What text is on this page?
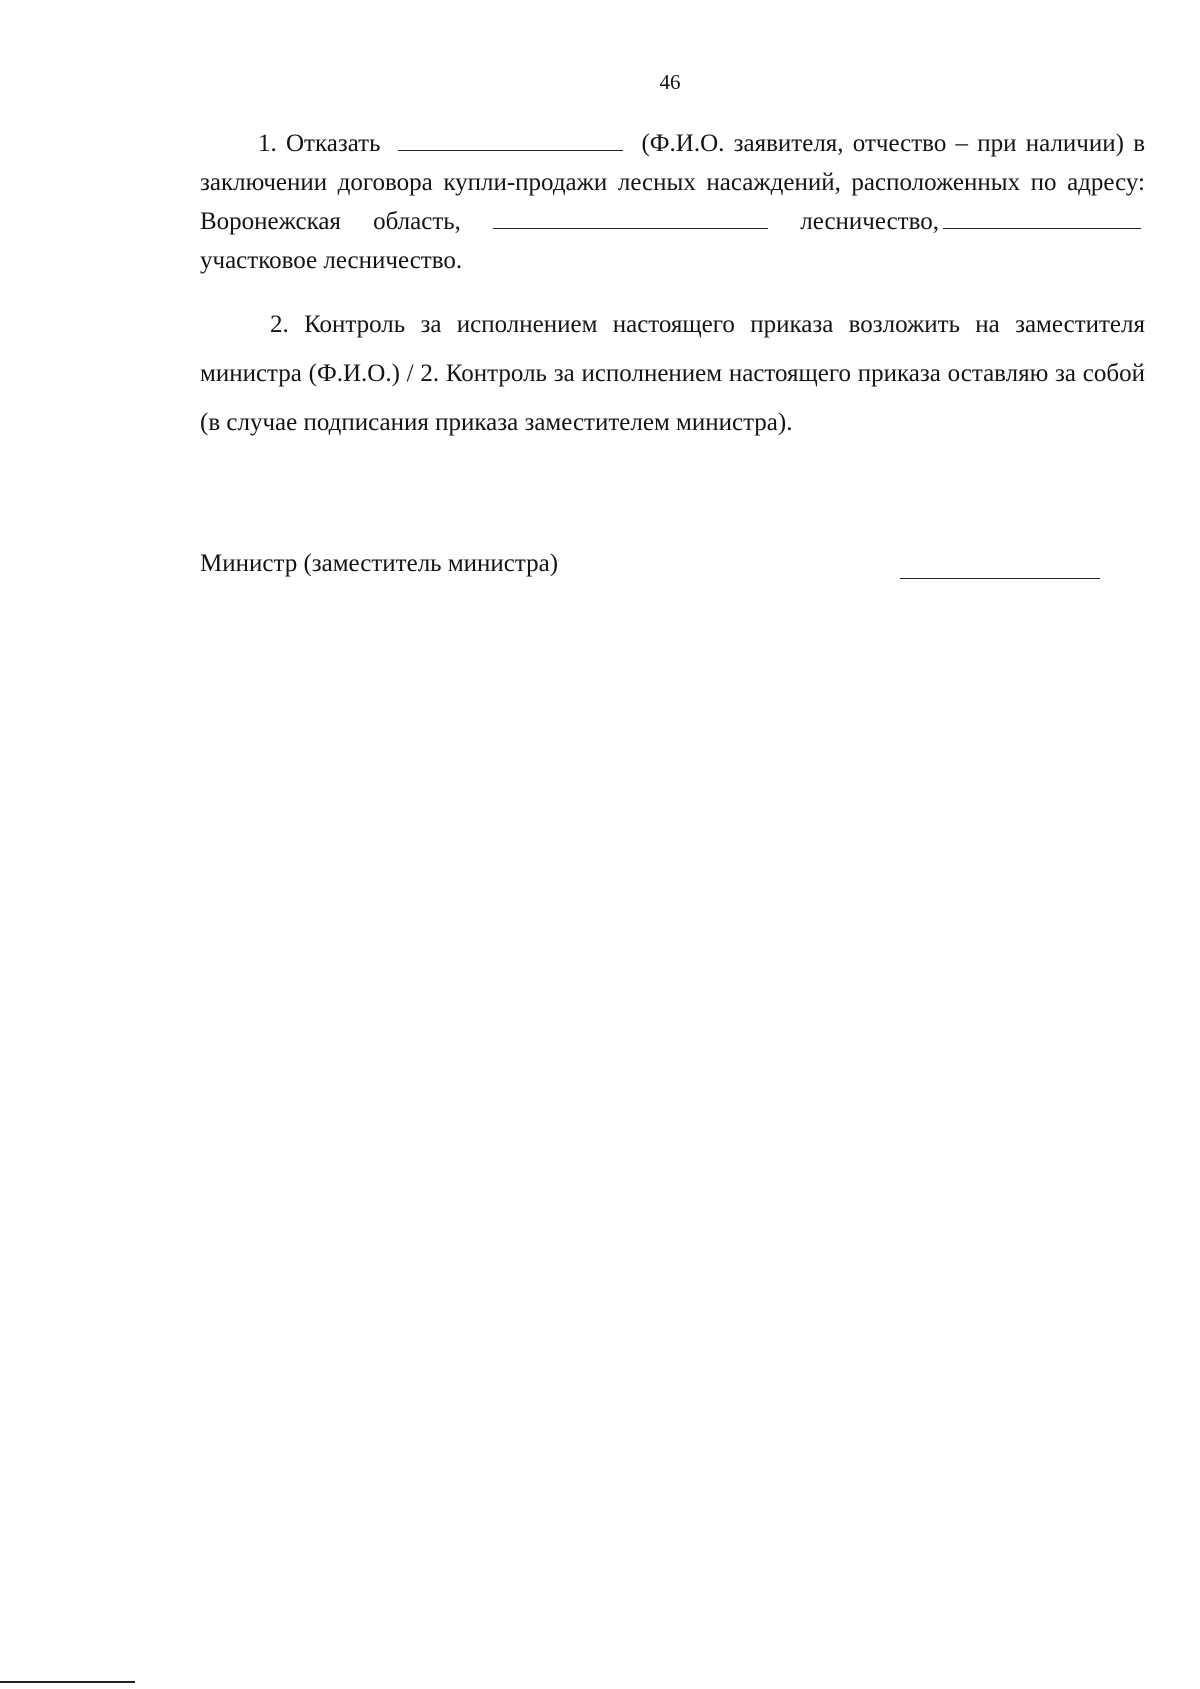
46
1. Отказать	(Ф.И.О. заявителя, отчество – при наличии) в заключении договора купли-продажи лесных насаждений, расположенных по адресу: Воронежская область,	лесничество,участковое лесничество.
2. Контроль за исполнением настоящего приказа возложить на заместителя министра (Ф.И.О.) / 2. Контроль за исполнением настоящего приказа оставляю за собой (в случае подписания приказа заместителем министра).
Министр (заместитель министра)
